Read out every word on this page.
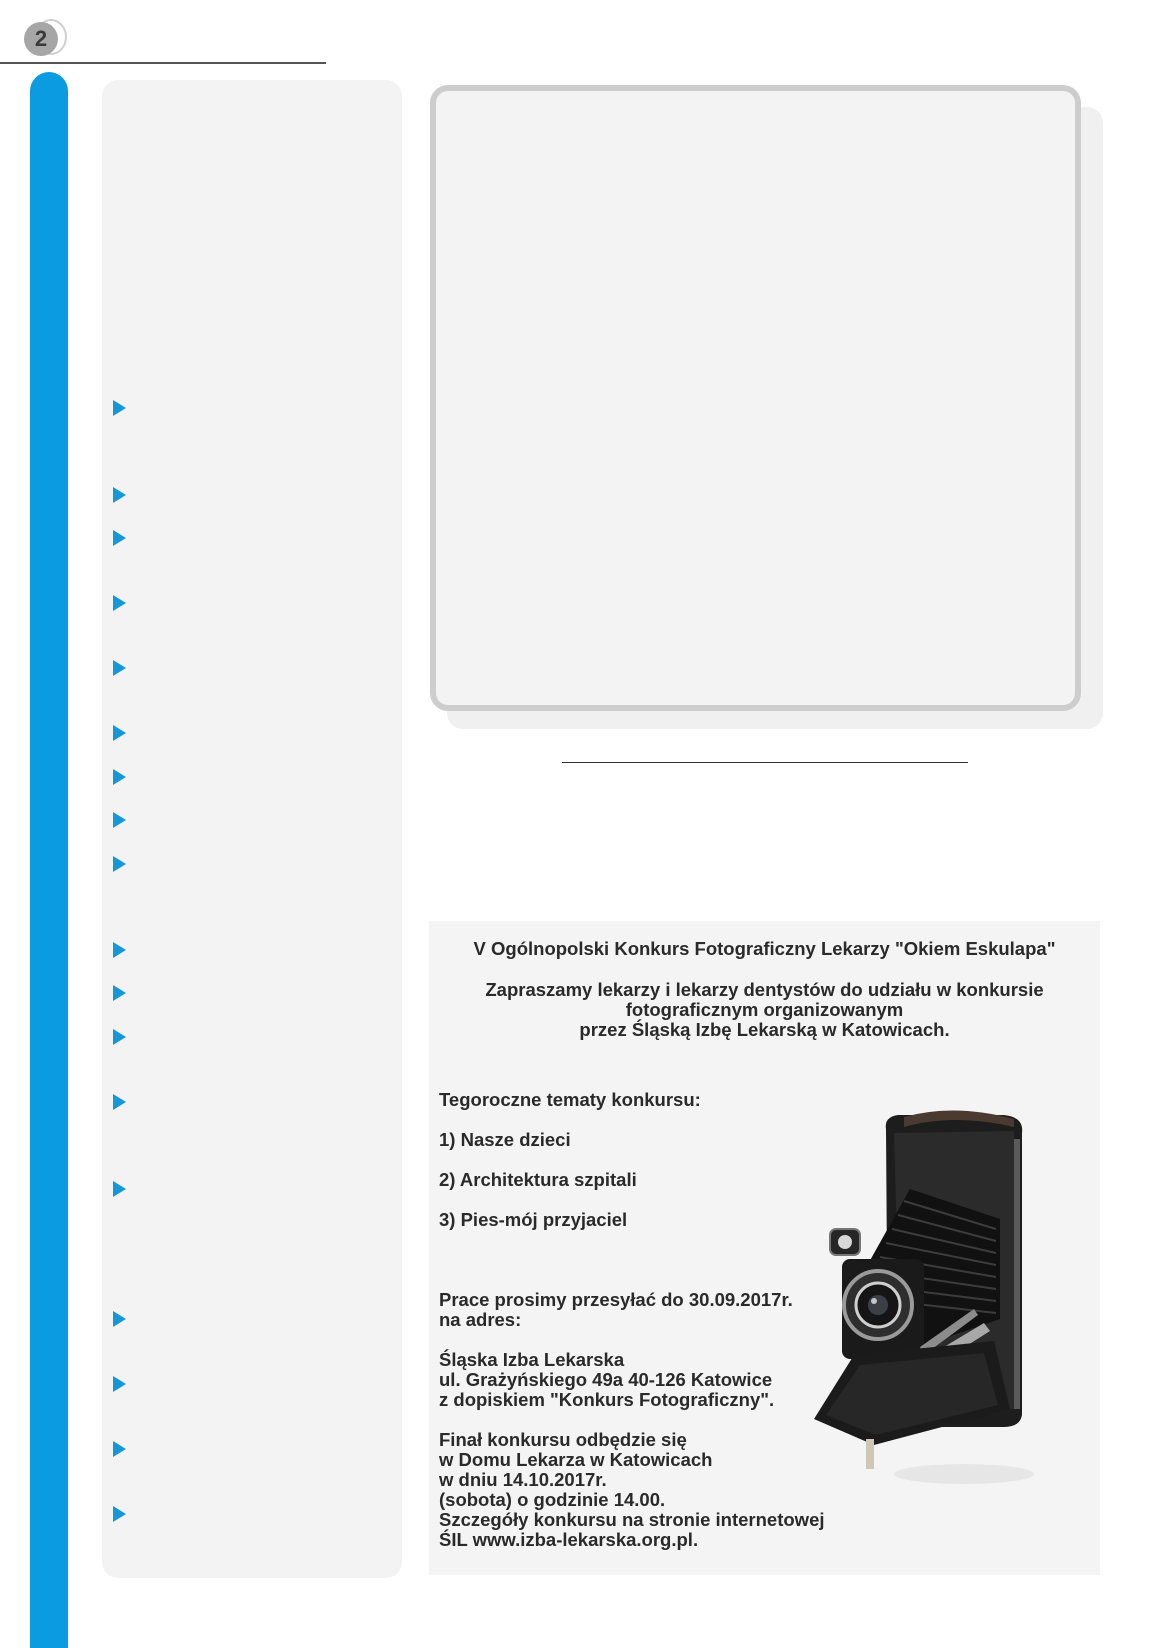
2
V Ogólnopolski Konkurs Fotograficzny Lekarzy "Okiem Eskulapa"
Zapraszamy lekarzy i lekarzy dentystów do udziału w konkursie
fotograficznym organizowanym
przez Śląską Izbę Lekarską w Katowicach.
Tegoroczne tematy konkursu:
1) Nasze dzieci
2) Architektura szpitali
3) Pies-mój przyjaciel
Prace prosimy przesyłać do 30.09.2017r.
na adres:
Śląska Izba Lekarska
ul. Grażyńskiego 49a 40-126 Katowice
z dopiskiem "Konkurs Fotograficzny".
Finał konkursu odbędzie się
w Domu Lekarza w Katowicach
w dniu 14.10.2017r.
(sobota) o godzinie 14.00.
Szczegóły konkursu na stronie internetowej
ŚIL www.izba-lekarska.org.pl.
